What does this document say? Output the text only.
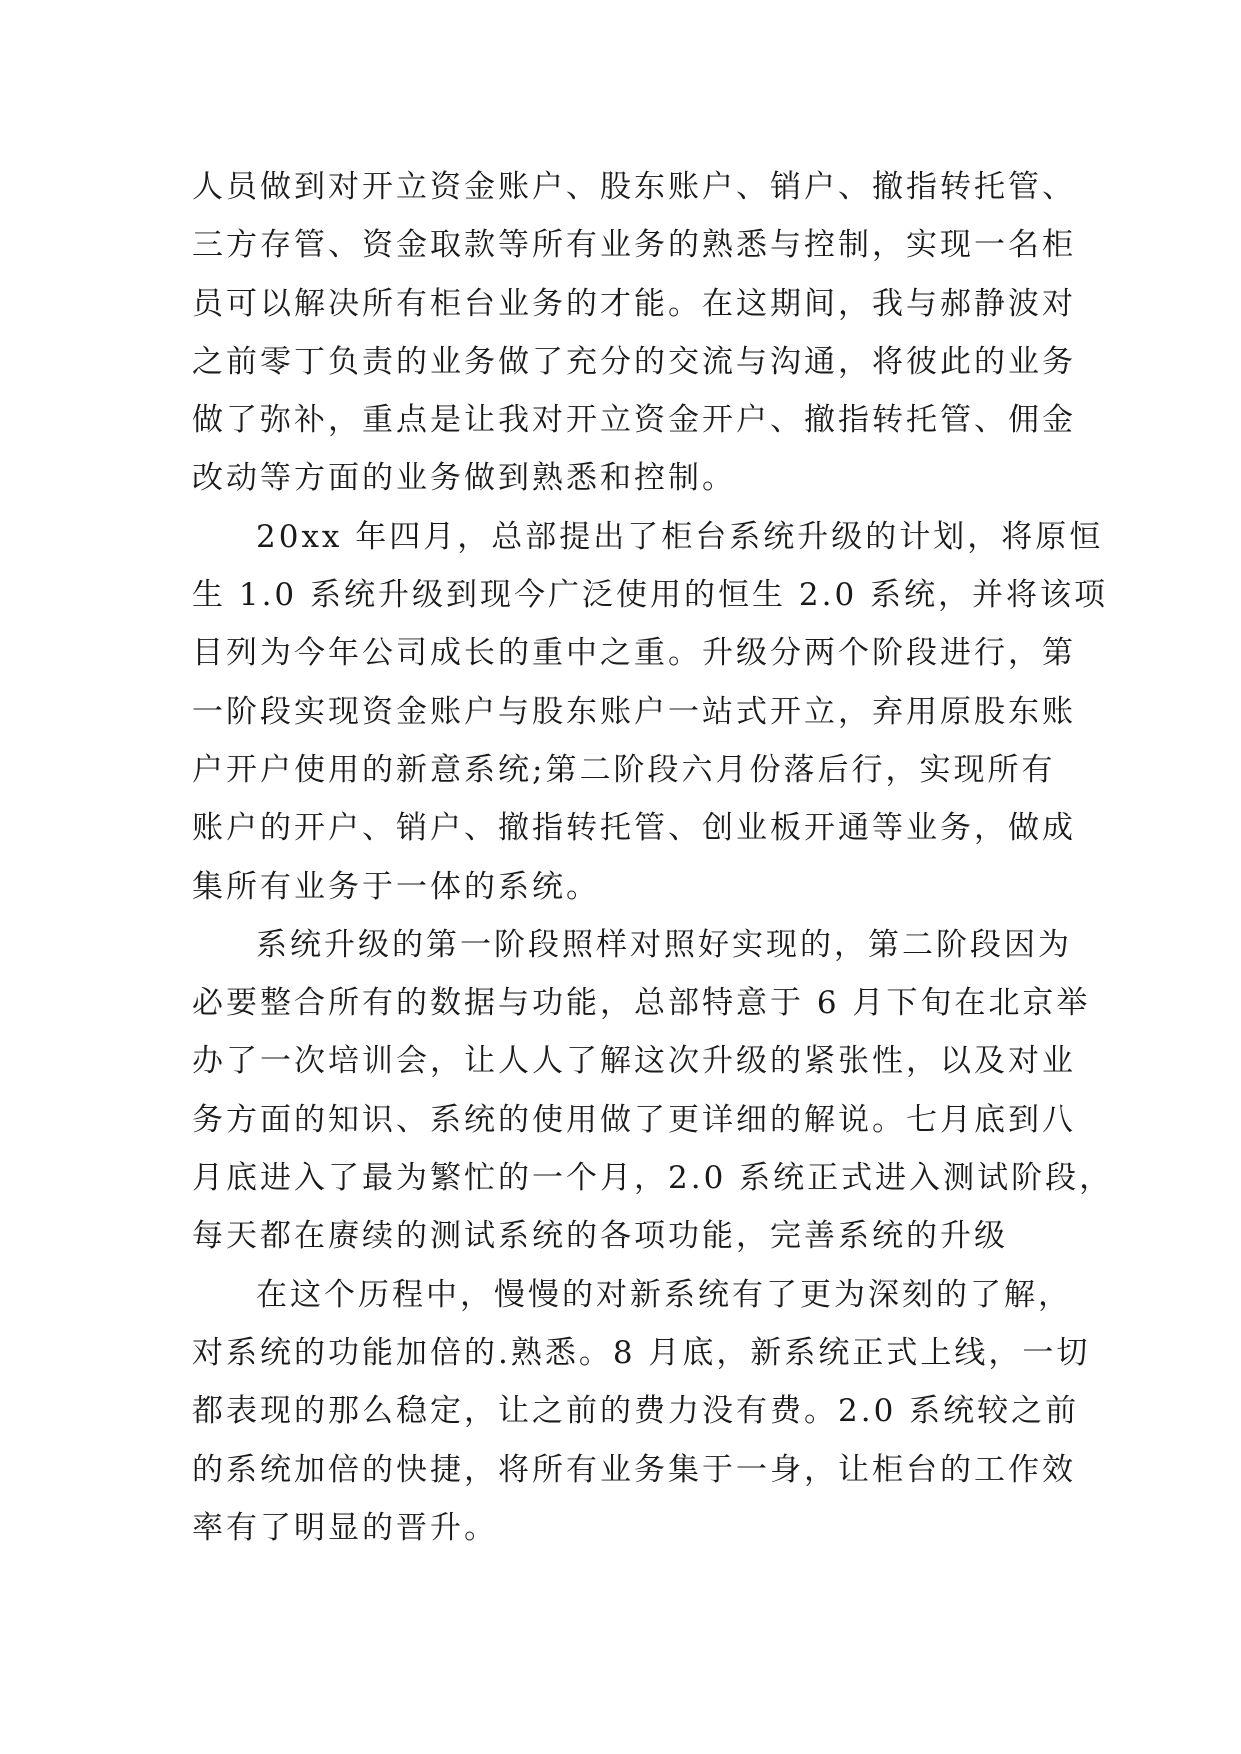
人员做到对开立资金账户、股东账户、销户、撤指转托管、
三方存管、资金取款等所有业务的熟悉与控制，实现一名柜
员可以解决所有柜台业务的才能。在这期间，我与郝静波对
之前零丁负责的业务做了充分的交流与沟通，将彼此的业务
做了弥补，重点是让我对开立资金开户、撤指转托管、佣金
改动等方面的业务做到熟悉和控制。
20xx 年四月，总部提出了柜台系统升级的计划，将原恒
生 1.0 系统升级到现今广泛使用的恒生 2.0 系统，并将该项
目列为今年公司成长的重中之重。升级分两个阶段进行，第
一阶段实现资金账户与股东账户一站式开立，弃用原股东账
户开户使用的新意系统;第二阶段六月份落后行，实现所有
账户的开户、销户、撤指转托管、创业板开通等业务，做成
集所有业务于一体的系统。
系统升级的第一阶段照样对照好实现的，第二阶段因为
必要整合所有的数据与功能，总部特意于 6 月下旬在北京举
办了一次培训会，让人人了解这次升级的紧张性，以及对业
务方面的知识、系统的使用做了更详细的解说。七月底到八
月底进入了最为繁忙的一个月，2.0 系统正式进入测试阶段，
每天都在赓续的测试系统的各项功能，完善系统的升级
在这个历程中，慢慢的对新系统有了更为深刻的了解，
对系统的功能加倍的.熟悉。8 月底，新系统正式上线，一切
都表现的那么稳定，让之前的费力没有费。2.0 系统较之前
的系统加倍的快捷，将所有业务集于一身，让柜台的工作效
率有了明显的晋升。
